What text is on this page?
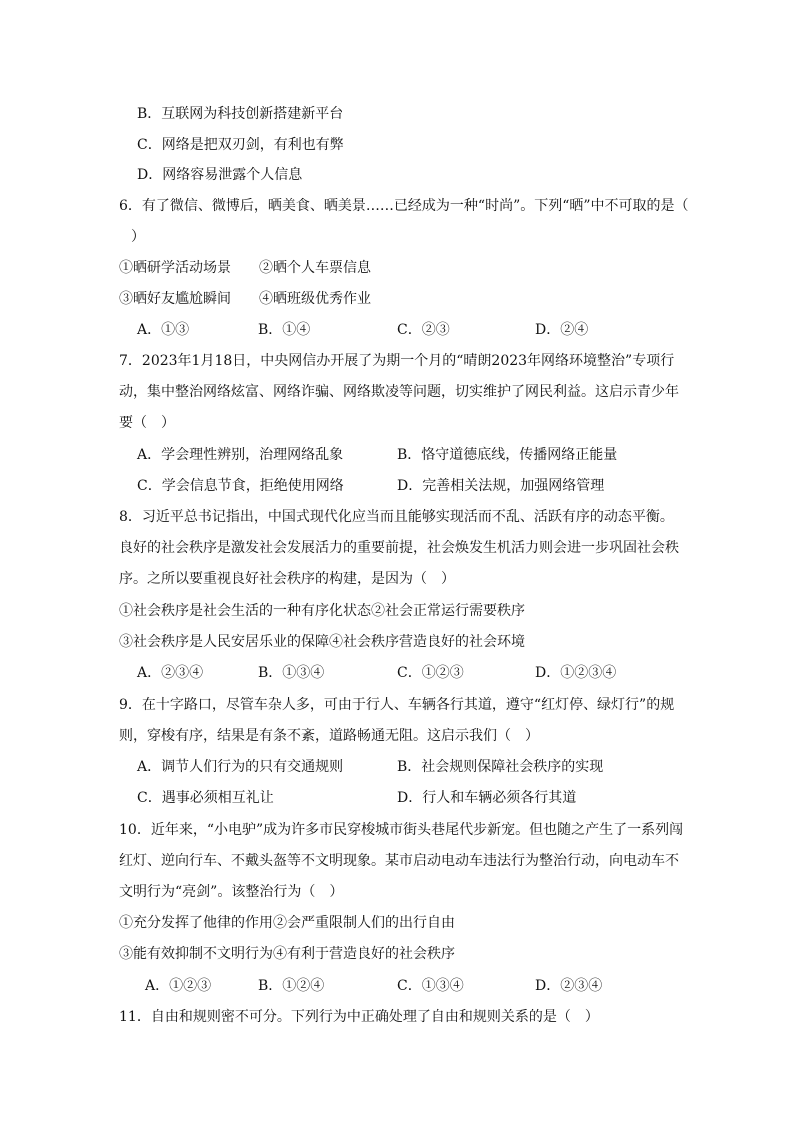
B．互联网为科技创新搭建新平台
C．网络是把双刃剑，有利也有弊
D．网络容易泄露个人信息
6．有了微信、微博后，晒美食、晒美景……已经成为一种“时尚”。下列“晒”中不可取的是（
）
①晒研学活动场景　　②晒个人车票信息
③晒好友尴尬瞬间　　④晒班级优秀作业
A．①③	B．①④	C．②③	D．②④
7．2023年1月18日，中央网信办开展了为期一个月的“晴朗2023年网络环境整治”专项行
动，集中整治网络炫富、网络诈骗、网络欺凌等问题，切实维护了网民利益。这启示青少年
要（　）
A．学会理性辨别，治理网络乱象	B．恪守道德底线，传播网络正能量
C．学会信息节食，拒绝使用网络	D．完善相关法规，加强网络管理
8．习近平总书记指出，中国式现代化应当而且能够实现活而不乱、活跃有序的动态平衡。
良好的社会秩序是激发社会发展活力的重要前提，社会焕发生机活力则会进一步巩固社会秩
序。之所以要重视良好社会秩序的构建，是因为（　）
①社会秩序是社会生活的一种有序化状态②社会正常运行需要秩序
③社会秩序是人民安居乐业的保障④社会秩序营造良好的社会环境
A．②③④	B．①③④	C．①②③	D．①②③④
9．在十字路口，尽管车杂人多，可由于行人、车辆各行其道，遵守“红灯停、绿灯行”的规
则，穿梭有序，结果是有条不紊，道路畅通无阻。这启示我们（　）
A．调节人们行为的只有交通规则	B．社会规则保障社会秩序的实现
C．遇事必须相互礼让	D．行人和车辆必须各行其道
10．近年来，“小电驴”成为许多市民穿梭城市街头巷尾代步新宠。但也随之产生了一系列闯
红灯、逆向行车、不戴头盔等不文明现象。某市启动电动车违法行为整治行动，向电动车不
文明行为“亮剑”。该整治行为（　）
①充分发挥了他律的作用②会严重限制人们的出行自由
③能有效抑制不文明行为④有利于营造良好的社会秩序
A．①②③	B．①②④	C．①③④	D．②③④
11．自由和规则密不可分。下列行为中正确处理了自由和规则关系的是（　）
